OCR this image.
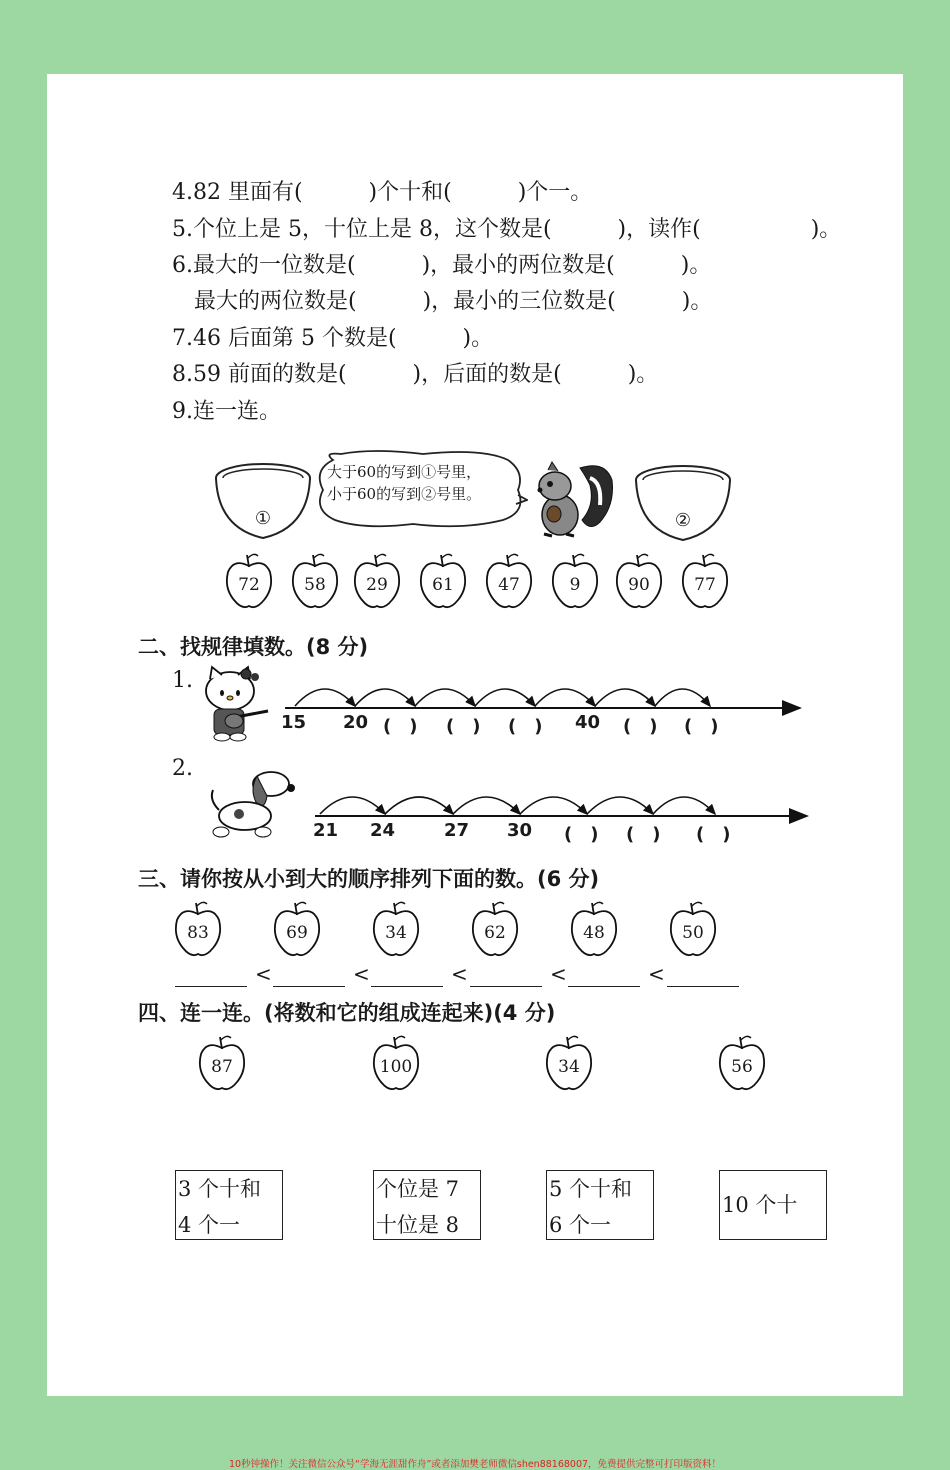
4.82 里面有(　　　)个十和(　　　)个一。
5.个位上是 5，十位上是 8，这个数是(　　　)，读作(　　　　　)。
6.最大的一位数是(　　　)，最小的两位数是(　　　)。
　最大的两位数是(　　　)，最小的三位数是(　　　)。
7.46 后面第 5 个数是(　　　)。
8.59 前面的数是(　　　)，后面的数是(　　　)。
9.连一连。
①	②
大于60的写到①号里，
小于60的写到②号里。
72	58	29	61	47	9	90	77
二、找规律填数。(8 分)
1.
2.
15 20 (　) (　) (　) 40 (　) (　)
21 24	27 30 (　) (　) (　)
三、请你按从小到大的顺序排列下面的数。(6 分)
83	69	34	62	48	50
<	<	<	<	<
四、连一连。(将数和它的组成连起来)(4 分)
87	100	34	56
3 个十和
4 个一
个位是 7
十位是 8
5 个十和
6 个一
10 个十
10秒钟操作！关注微信公众号“学海无涯甜作舟”或者添加樊老师微信shen88168007，免费提供完整可打印版资料！
